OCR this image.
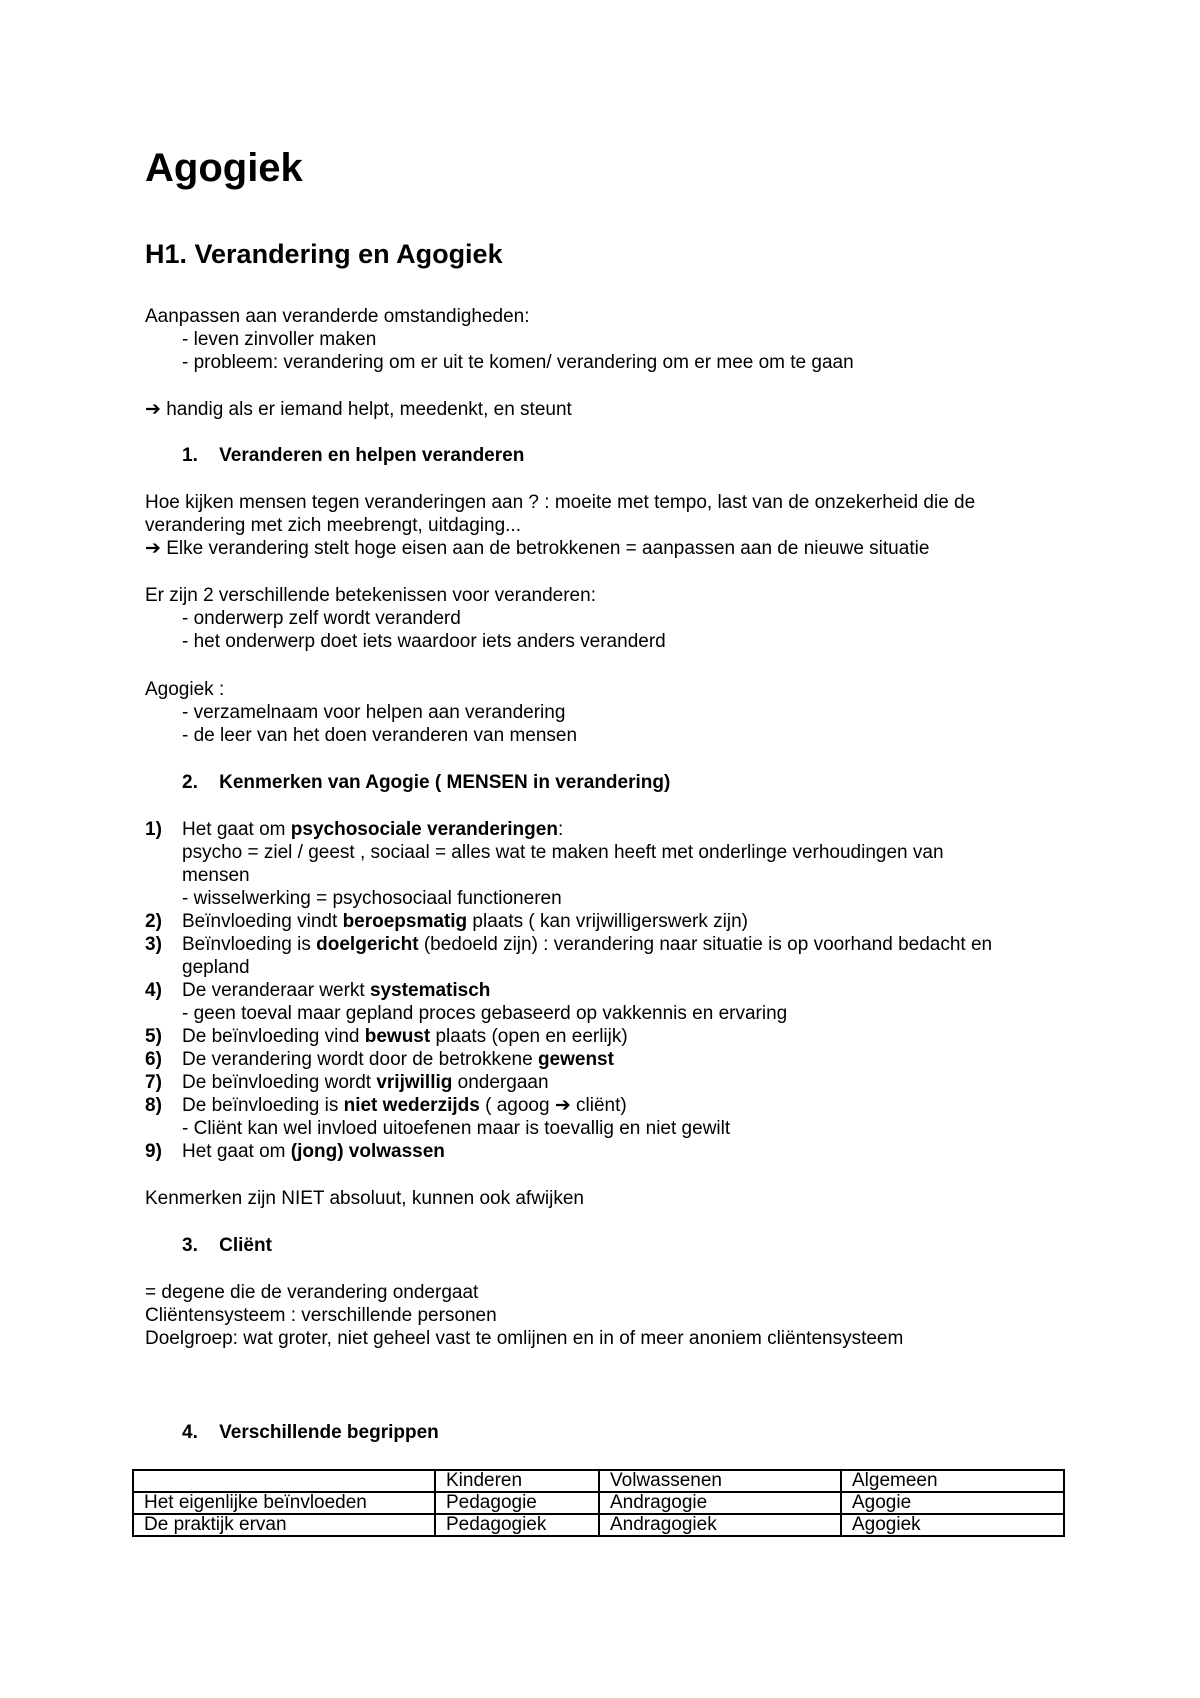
Agogiek
H1. Verandering en Agogiek
Aanpassen aan veranderde omstandigheden:
- leven zinvoller maken
- probleem: verandering om er uit te komen/ verandering om er mee om te gaan
➔ handig als er iemand helpt, meedenkt, en steunt
1. Veranderen en helpen veranderen
Hoe kijken mensen tegen veranderingen aan ? : moeite met tempo, last van de onzekerheid die de
verandering met zich meebrengt, uitdaging...
➔ Elke verandering stelt hoge eisen aan de betrokkenen = aanpassen aan de nieuwe situatie
Er zijn 2 verschillende betekenissen voor veranderen:
- onderwerp zelf wordt veranderd
- het onderwerp doet iets waardoor iets anders veranderd
Agogiek :
- verzamelnaam voor helpen aan verandering
- de leer van het doen veranderen van mensen
2. Kenmerken van Agogie ( MENSEN in verandering)
1) Het gaat om psychosociale veranderingen:
psycho = ziel / geest , sociaal = alles wat te maken heeft met onderlinge verhoudingen van
mensen
- wisselwerking = psychosociaal functioneren
2) Beïnvloeding vindt beroepsmatig plaats ( kan vrijwilligerswerk zijn)
3) Beïnvloeding is doelgericht (bedoeld zijn) : verandering naar situatie is op voorhand bedacht en
gepland
4) De veranderaar werkt systematisch
- geen toeval maar gepland proces gebaseerd op vakkennis en ervaring
5) De beïnvloeding vind bewust plaats (open en eerlijk)
6) De verandering wordt door de betrokkene gewenst
7) De beïnvloeding wordt vrijwillig ondergaan
8) De beïnvloeding is niet wederzijds ( agoog ➔ cliënt)
- Cliënt kan wel invloed uitoefenen maar is toevallig en niet gewilt
9) Het gaat om (jong) volwassen
Kenmerken zijn NIET absoluut, kunnen ook afwijken
3. Cliënt
= degene die de verandering ondergaat
Cliëntensysteem : verschillende personen
Doelgroep: wat groter, niet geheel vast te omlijnen en in of meer anoniem cliëntensysteem
4. Verschillende begrippen
	Kinderen	Volwassenen	Algemeen
Het eigenlijke beïnvloeden	Pedagogie	Andragogie	Agogie
De praktijk ervan	Pedagogiek	Andragogiek	Agogiek
